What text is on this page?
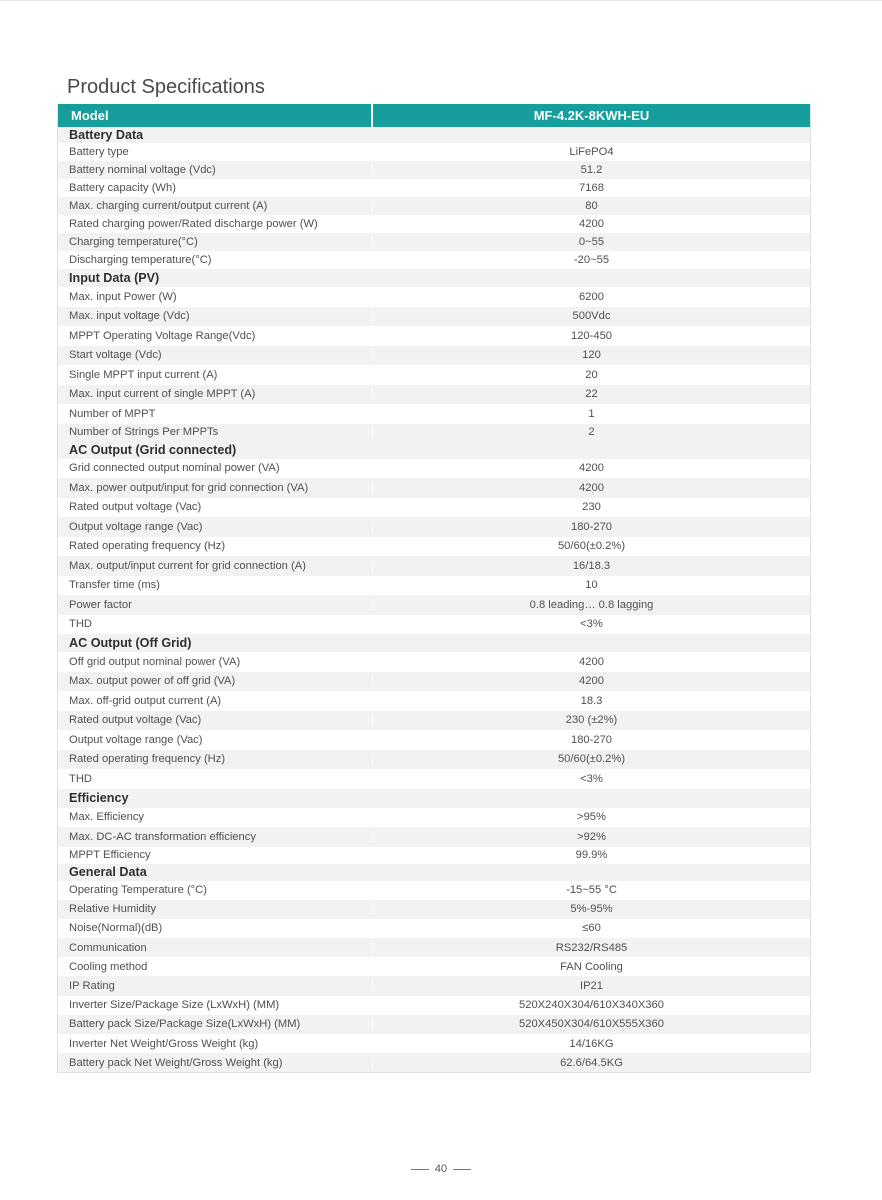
Product Specifications
Model	MF-4.2K-8KWH-EU
Battery Data
Battery type	LiFePO4
Battery nominal voltage (Vdc)	51.2
Battery capacity (Wh)	7168
Max. charging current/output current (A)	80
Rated charging power/Rated discharge power (W)	4200
Charging temperature(°C)	0~55
Discharging temperature(°C)	-20~55
Input Data (PV)
Max. input Power (W)	6200
Max. input voltage (Vdc)	500Vdc
MPPT Operating Voltage Range(Vdc)	120-450
Start voltage (Vdc)	120
Single MPPT input current (A)	20
Max. input current of single MPPT (A)	22
Number of MPPT	1
Number of Strings Per MPPTs	2
AC Output (Grid connected)
Grid connected output nominal power (VA)	4200
Max. power output/input for grid connection (VA)	4200
Rated output voltage (Vac)	230
Output voltage range (Vac)	180-270
Rated operating frequency (Hz)	50/60(±0.2%)
Max. output/input current for grid connection (A)	16/18.3
Transfer time (ms)	10
Power factor	0.8 leading… 0.8 lagging
THD	<3%
AC Output (Off Grid)
Off grid output nominal power (VA)	4200
Max. output power of off grid (VA)	4200
Max. off-grid output current (A)	18.3
Rated output voltage (Vac)	230 (±2%)
Output voltage range (Vac)	180-270
Rated operating frequency (Hz)	50/60(±0.2%)
THD	<3%
Efficiency
Max. Efficiency	>95%
Max. DC-AC transformation efficiency	>92%
MPPT Efficiency	99.9%
General Data
Operating Temperature (°C)	-15~55 °C
Relative Humidity	5%-95%
Noise(Normal)(dB)	≤60
Communication	RS232/RS485
Cooling method	FAN Cooling
IP Rating	IP21
Inverter Size/Package Size (LxWxH) (MM)	520X240X304/610X340X360
Battery pack Size/Package Size(LxWxH) (MM)	520X450X304/610X555X360
Inverter Net Weight/Gross Weight (kg)	14/16KG
Battery pack Net Weight/Gross Weight (kg)	62.6/64.5KG
40
